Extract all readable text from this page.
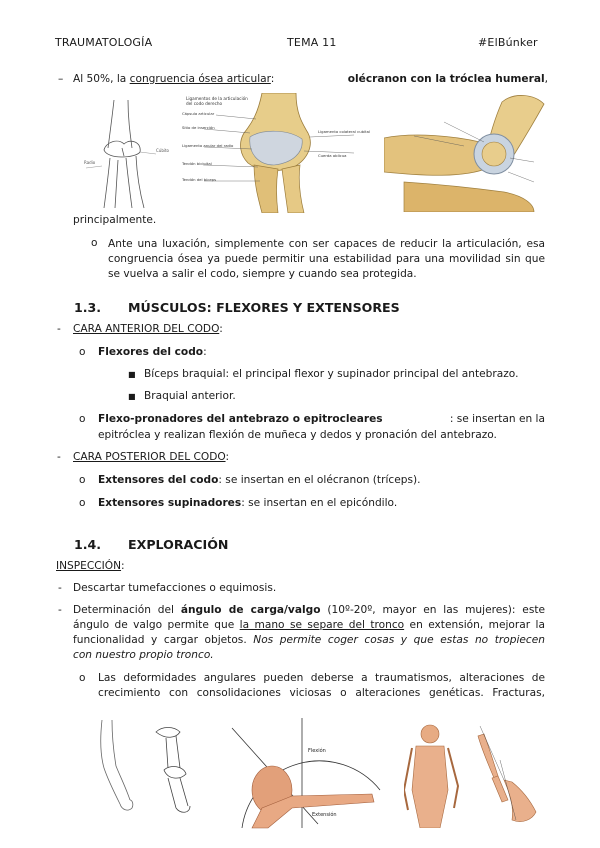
TRAUMATOLOGÍA	TEMA 11	#ElBúnker
– Al 50%, la congruencia ósea articular:	olécranon con la tróclea humeral,
Cúbito
Radio
Ligamentos de la articulación
del codo derecho
Cápsula articular
Sitio de inserción
Ligamento anular del radio
Tendón bicipital
Tendón del bíceps
Ligamento colateral cubital
Cuerda oblicua
principalmente.
o Ante una luxación, simplemente con ser capaces de reducir la articulación, esa congruencia ósea ya puede permitir una estabilidad para una movilidad sin que se vuelva a salir el codo, siempre y cuando sea protegida.
1.3. MÚSCULOS: FLEXORES Y EXTENSORES
- CARA ANTERIOR DEL CODO:
o Flexores del codo:
■ Bíceps braquial: el principal flexor y supinador principal del antebrazo.
■ Braquial anterior.
o Flexo-pronadores del antebrazo o epitrocleares	: se insertan en la
epitróclea y realizan flexión de muñeca y dedos y pronación del antebrazo.
- CARA POSTERIOR DEL CODO:
o Extensores del codo: se insertan en el olécranon (tríceps).
o Extensores supinadores: se insertan en el epicóndilo.
1.4. EXPLORACIÓN
INSPECCIÓN:
- Descartar tumefacciones o equimosis.
- Determinación del ángulo de carga/valgo (10º-20º, mayor en las mujeres): este
ángulo de valgo permite que la mano se separe del tronco en extensión, mejorar la
funcionalidad y cargar objetos. Nos permite coger cosas y que estas no tropiecen
con nuestro propio tronco.
o Las deformidades angulares pueden deberse a traumatismos, alteraciones de
crecimiento con consolidaciones viciosas o alteraciones genéticas. Fracturas,
Flexión
Extensión
